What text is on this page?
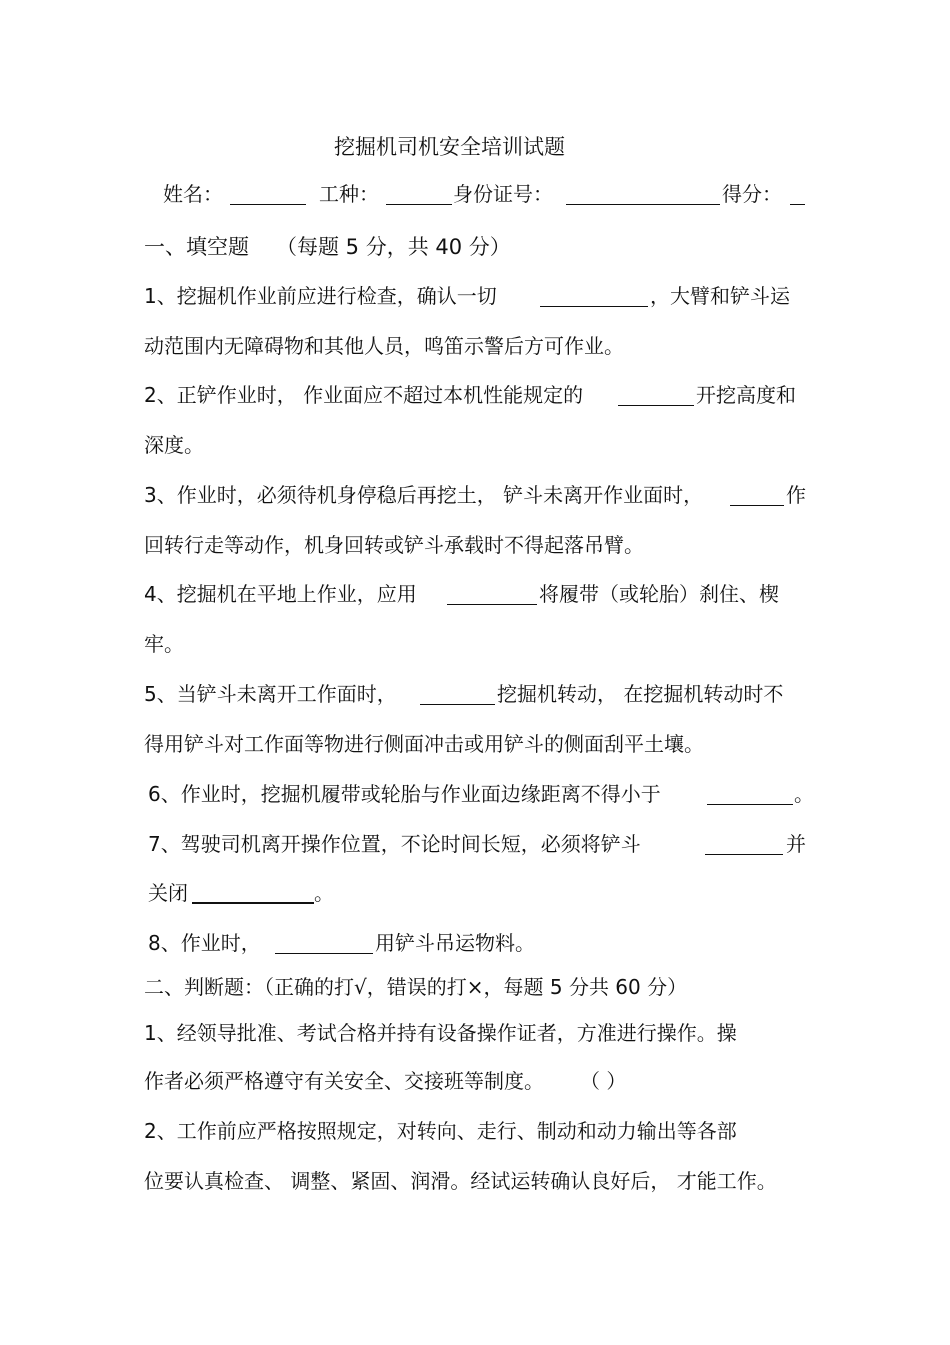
挖掘机司机安全培训试题
姓名：	工种：	身份证号：	得分：
一、填空题 （每题 5 分，共 40 分）
1、挖掘机作业前应进行检查，确认一切	，大臂和铲斗运
动范围内无障碍物和其他人员，鸣笛示警后方可作业。
2、正铲作业时， 作业面应不超过本机性能规定的	开挖高度和
深度。
3、作业时，必须待机身停稳后再挖土， 铲斗未离开作业面时，	作
回转行走等动作，机身回转或铲斗承载时不得起落吊臂。
4、挖掘机在平地上作业，应用	将履带（或轮胎）刹住、楔
牢。
5、当铲斗未离开工作面时，	挖掘机转动， 在挖掘机转动时不
得用铲斗对工作面等物进行侧面冲击或用铲斗的侧面刮平土壤。
6、作业时，挖掘机履带或轮胎与作业面边缘距离不得小于	。
7、驾驶司机离开操作位置，不论时间长短，必须将铲斗	并
关闭	。
8、作业时，	用铲斗吊运物料。
二、判断题：（正确的打√，错误的打×，每题 5 分共 60 分）
1、经领导批准、考试合格并持有设备操作证者，方准进行操作。操
作者必须严格遵守有关安全、交接班等制度。 （ ）
2、工作前应严格按照规定，对转向、走行、制动和动力输出等各部
位要认真检查、 调整、紧固、润滑。经试运转确认良好后， 才能工作。
